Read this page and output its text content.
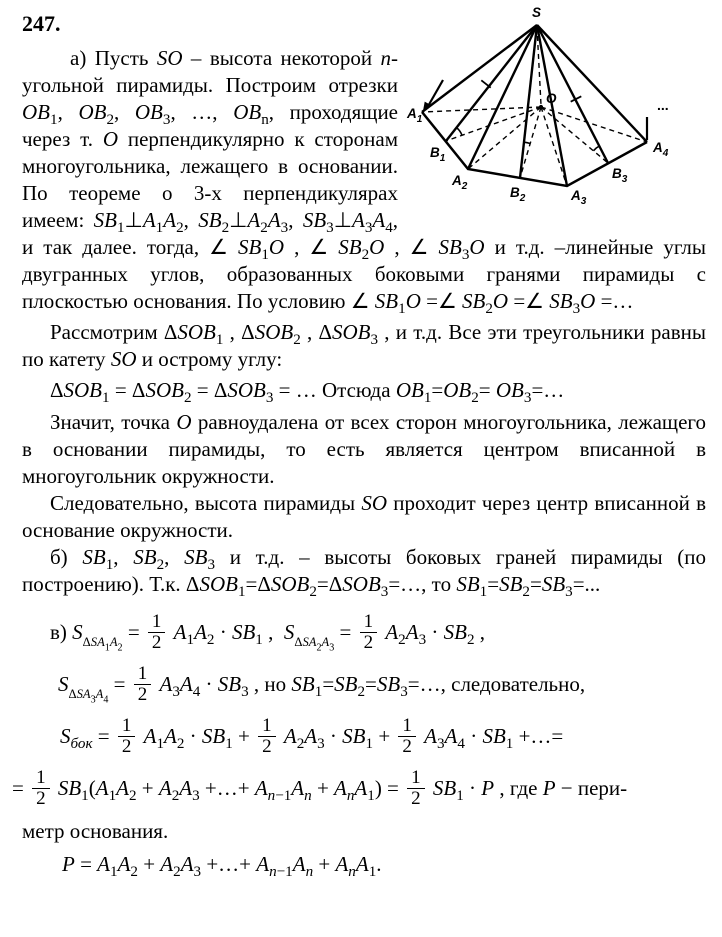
S
O
$A_1$
$B_1$
$A_2$	$B_2$	$A_3$
$B_3$
$A_4$
...
247.

а) Пусть SO – высота некоторой n-угольной пирамиды. Построим отрезки $OB_1$, $OB_2$, $OB_3$, …, $OB_n$, проходящие через т. O перпендикулярно к сторонам многоугольника, лежащего в основании. По теореме о 3-х перпендикулярах имеем: $SB_1\perp A_1A_2$, $SB_2\perp A_2A_3$, $SB_3\perp A_3A_4$, и так далее. тогда, ∠ $SB_1O$ , ∠ $SB_2O$ , ∠ $SB_3O$ и т.д. –линейные углы двугранных углов, образованных боковыми гранями пирамиды с плоскостью основания. По условию ∠ $SB_1O$ =∠ $SB_2O$ =∠ $SB_3O$ =…

Рассмотрим $\Delta SOB_1$ , $\Delta SOB_2$ , $\Delta SOB_3$ , и т.д. Все эти треугольники равны по катету SO и острому углу:

$\Delta SOB_1 = \Delta SOB_2 = \Delta SOB_3$ = … Отсюда $OB_1=OB_2=$ $OB_3=\dots$

Значит, точка O равноудалена от всех сторон многоугольника, лежащего в основании пирамиды, то есть является центром вписанной в многоугольник окружности.

Следовательно, высота пирамиды SO проходит через центр вписанной в основание окружности.

б) $SB_1$, $SB_2$, $SB_3$ и т.д. – высоты боковых граней пирамиды (по построению). Т.к. $\Delta SOB_1=\Delta SOB_2=\Delta SOB_3=\dots$, то $SB_1=SB_2=SB_3=$...

в) $S_{\Delta SA_1A_2} = \frac{1}{2} A_1A_2 \cdot SB_1$ ,  $S_{\Delta SA_2A_3} = \frac{1}{2} A_2A_3 \cdot SB_2$ ,
$S_{\Delta SA_3A_4} = \frac{1}{2} A_3A_4 \cdot SB_3$ , но $SB_1=SB_2=SB_3=\dots$, следовательно,
$S_{бок} = \frac{1}{2} A_1A_2 \cdot SB_1 + \frac{1}{2} A_2A_3 \cdot SB_1 + \frac{1}{2} A_3A_4 \cdot SB_1$ +…=
= $\frac{1}{2} SB_1(A_1A_2 + A_2A_3$ +…+ $A_{n-1}A_n + A_nA_1) = \frac{1}{2} SB_1 \cdot P$ , где P − пери-

метр основания.

$P = A_1A_2 + A_2A_3$ +…+ $A_{n-1}A_n + A_nA_1$.
